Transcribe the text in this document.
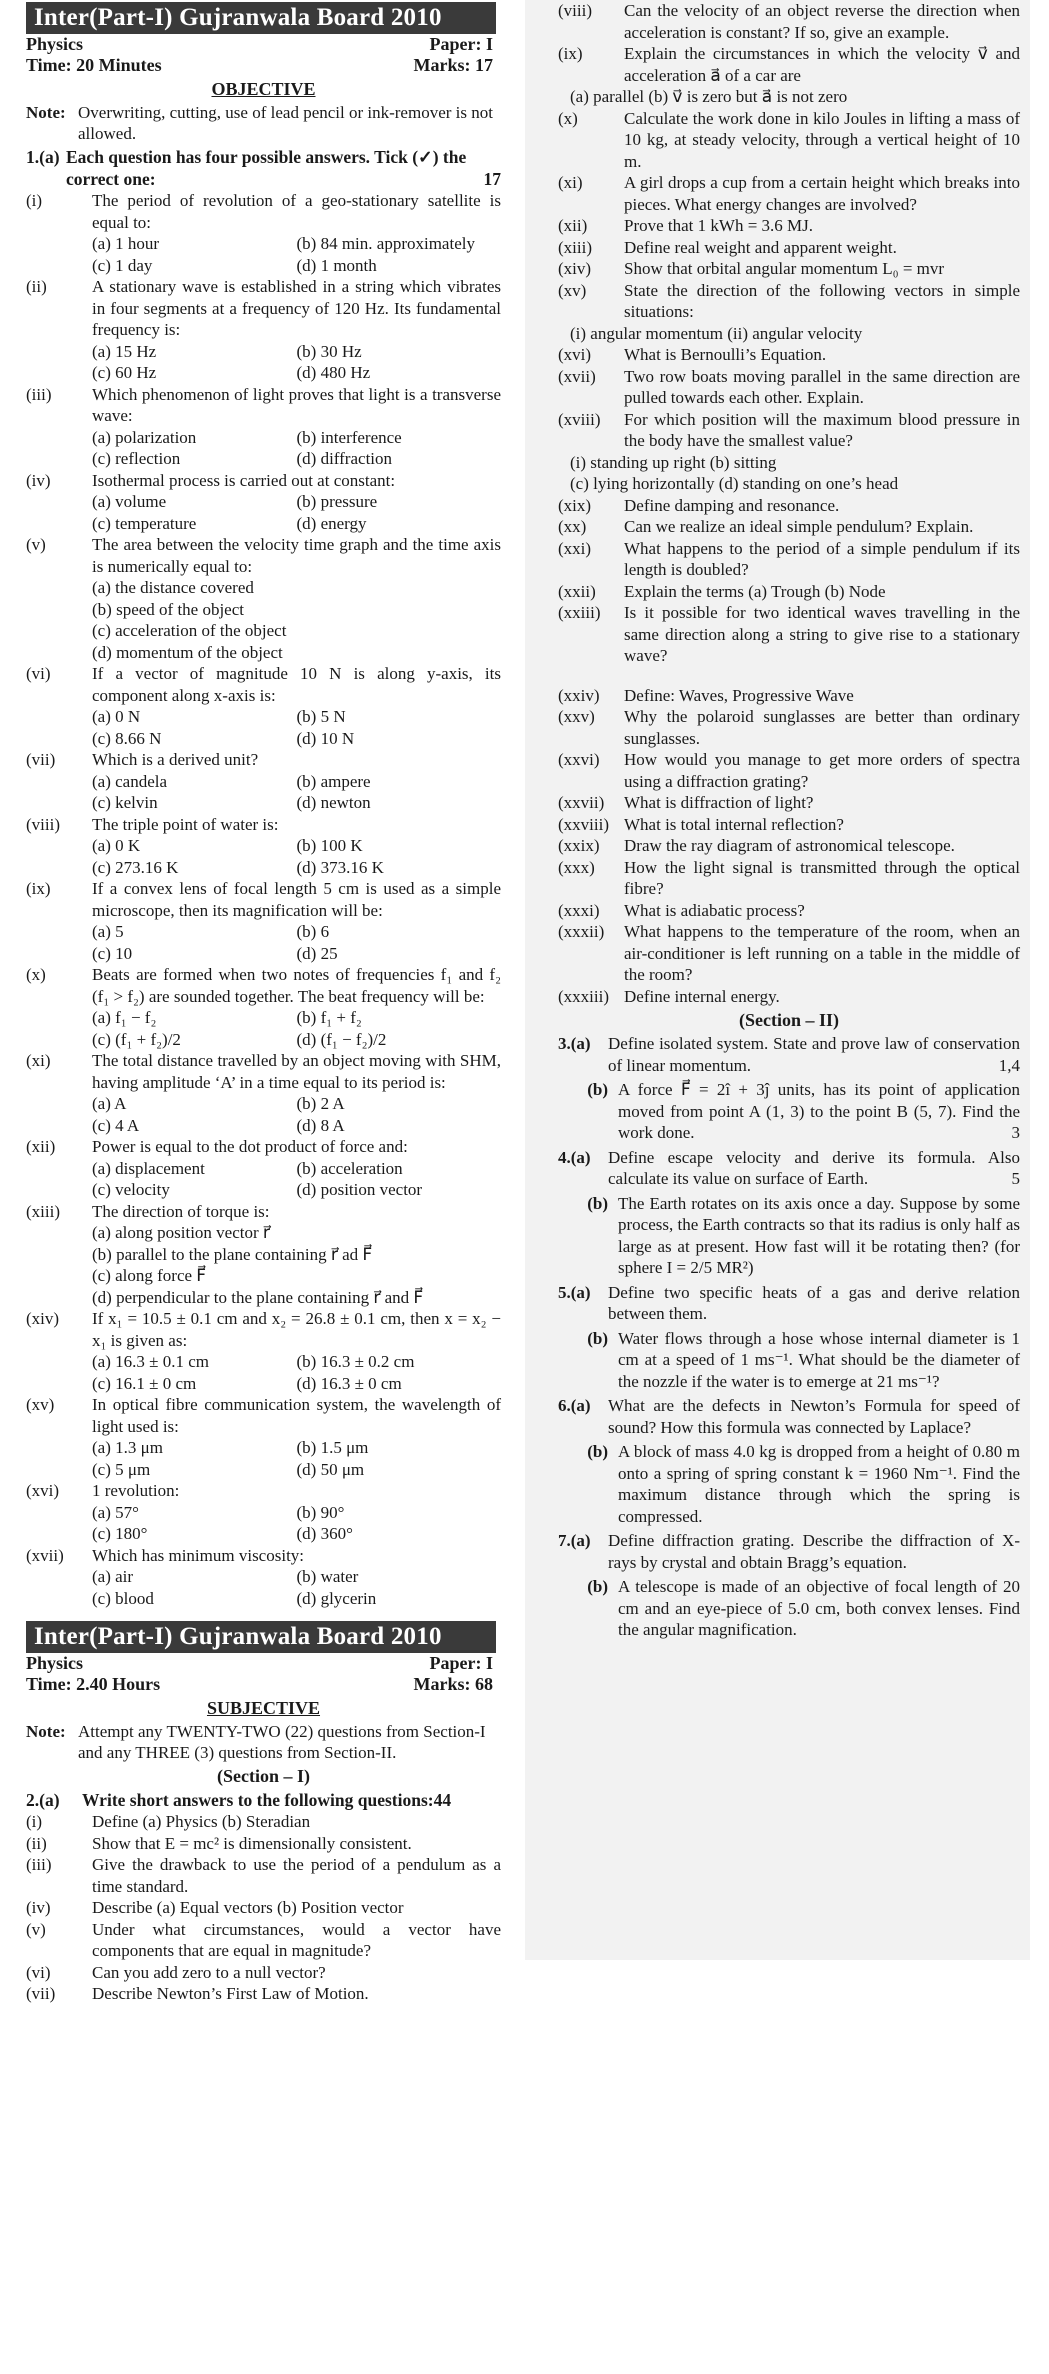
Inter(Part-I) Gujranwala Board 2010
Physics	Paper: I
Time: 20 Minutes	Marks: 17
OBJECTIVE
Note: Overwriting, cutting, use of lead pencil or ink-remover is not allowed.
1.(a) Each question has four possible answers. Tick (✓) the correct one:	17
(i)	The period of revolution of a geo-stationary satellite is equal to:
(a) 1 hour	(b) 84 min. approximately
(c) 1 day	(d) 1 month
(ii)	A stationary wave is established in a string which vibrates in four segments at a frequency of 120 Hz. Its fundamental frequency is:
(a) 15 Hz	(b) 30 Hz
(c) 60 Hz	(d) 480 Hz
(iii)	Which phenomenon of light proves that light is a transverse wave:
(a) polarization	(b) interference
(c) reflection	(d) diffraction
(iv)	Isothermal process is carried out at constant:
(a) volume	(b) pressure
(c) temperature	(d) energy
(v)	The area between the velocity time graph and the time axis is numerically equal to:
(a) the distance covered
(b) speed of the object
(c) acceleration of the object
(d) momentum of the object
(vi)	If a vector of magnitude 10 N is along y-axis, its component along x-axis is:
(a) 0 N	(b) 5 N
(c) 8.66 N	(d) 10 N
(vii)	Which is a derived unit?
(a) candela	(b) ampere
(c) kelvin	(d) newton
(viii)	The triple point of water is:
(a) 0 K	(b) 100 K
(c) 273.16 K	(d) 373.16 K
(ix)	If a convex lens of focal length 5 cm is used as a simple microscope, then its magnification will be:
(a) 5	(b) 6
(c) 10	(d) 25
(x)	Beats are formed when two notes of frequencies f₁ and f₂ (f₁ > f₂) are sounded together. The beat frequency will be:
(a) f₁ − f₂	(b) f₁ + f₂
(c) (f₁ + f₂)/2	(d) (f₁ − f₂)/2
(xi)	The total distance travelled by an object moving with SHM, having amplitude ‘A’ in a time equal to its period is:
(a) A	(b) 2 A
(c) 4 A	(d) 8 A
(xii)	Power is equal to the dot product of force and:
(a) displacement	(b) acceleration
(c) velocity	(d) position vector
(xiii)	The direction of torque is:
(a) along position vector r⃗
(b) parallel to the plane containing r⃗ ad F⃗
(c) along force F⃗
(d) perpendicular to the plane containing r⃗ and F⃗
(xiv)	If x₁ = 10.5 ± 0.1 cm and x₂ = 26.8 ± 0.1 cm, then x = x₂ − x₁ is given as:
(a) 16.3 ± 0.1 cm	(b) 16.3 ± 0.2 cm
(c) 16.1 ± 0 cm	(d) 16.3 ± 0 cm
(xv)	In optical fibre communication system, the wavelength of light used is:
(a) 1.3 μm	(b) 1.5 μm
(c) 5 μm	(d) 50 μm
(xvi)	1 revolution:
(a) 57°	(b) 90°
(c) 180°	(d) 360°
(xvii)	Which has minimum viscosity:
(a) air	(b) water
(c) blood	(d) glycerin
Inter(Part-I) Gujranwala Board 2010
Physics	Paper: I
Time: 2.40 Hours	Marks: 68
SUBJECTIVE
Note: Attempt any TWENTY-TWO (22) questions from Section-I and any THREE (3) questions from Section-II.
(Section – I)
2.(a)	Write short answers to the following questions:44
(i)	Define (a) Physics (b) Steradian
(ii)	Show that E = mc² is dimensionally consistent.
(iii)	Give the drawback to use the period of a pendulum as a time standard.
(iv)	Describe (a) Equal vectors (b) Position vector
(v)	Under what circumstances, would a vector have components that are equal in magnitude?
(vi)	Can you add zero to a null vector?
(vii)	Describe Newton’s First Law of Motion.
(viii)	Can the velocity of an object reverse the direction when acceleration is constant? If so, give an example.
(ix)	Explain the circumstances in which the velocity v⃗ and acceleration a⃗ of a car are
(a) parallel (b) v⃗ is zero but a⃗ is not zero
(x)	Calculate the work done in kilo Joules in lifting a mass of 10 kg, at steady velocity, through a vertical height of 10 m.
(xi)	A girl drops a cup from a certain height which breaks into pieces. What energy changes are involved?
(xii)	Prove that 1 kWh = 3.6 MJ.
(xiii)	Define real weight and apparent weight.
(xiv)	Show that orbital angular momentum L₀ = mvr
(xv)	State the direction of the following vectors in simple situations:
(i) angular momentum (ii) angular velocity
(xvi)	What is Bernoulli’s Equation.
(xvii)	Two row boats moving parallel in the same direction are pulled towards each other. Explain.
(xviii)	For which position will the maximum blood pressure in the body have the smallest value?
(i) standing up right (b) sitting
(c) lying horizontally (d) standing on one’s head
(xix)	Define damping and resonance.
(xx)	Can we realize an ideal simple pendulum? Explain.
(xxi)	What happens to the period of a simple pendulum if its length is doubled?
(xxii)	Explain the terms (a) Trough (b) Node
(xxiii)	Is it possible for two identical waves travelling in the same direction along a string to give rise to a stationary wave?
(xxiv)	Define: Waves, Progressive Wave
(xxv)	Why the polaroid sunglasses are better than ordinary sunglasses.
(xxvi)	How would you manage to get more orders of spectra using a diffraction grating?
(xxvii)	What is diffraction of light?
(xxviii) What is total internal reflection?
(xxix)	Draw the ray diagram of astronomical telescope.
(xxx)	How the light signal is transmitted through the optical fibre?
(xxxi)	What is adiabatic process?
(xxxii)	What happens to the temperature of the room, when an air-conditioner is left running on a table in the middle of the room?
(xxxiii) Define internal energy.
(Section – II)
3.(a)	Define isolated system. State and prove law of conservation of linear momentum.	1,4
(b) A force F⃗ = 2î + 3ĵ units, has its point of application moved from point A (1, 3) to the point B (5, 7). Find the work done.	3
4.(a)	Define escape velocity and derive its formula. Also calculate its value on surface of Earth.	5
(b) The Earth rotates on its axis once a day. Suppose by some process, the Earth contracts so that its radius is only half as large as at present. How fast will it be rotating then? (for sphere I = 2/5 MR²)
5.(a)	Define two specific heats of a gas and derive relation between them.
(b) Water flows through a hose whose internal diameter is 1 cm at a speed of 1 ms⁻¹. What should be the diameter of the nozzle if the water is to emerge at 21 ms⁻¹?
6.(a)	What are the defects in Newton’s Formula for speed of sound? How this formula was connected by Laplace?
(b) A block of mass 4.0 kg is dropped from a height of 0.80 m onto a spring of spring constant k = 1960 Nm⁻¹. Find the maximum distance through which the spring is compressed.
7.(a)	Define diffraction grating. Describe the diffraction of X-rays by crystal and obtain Bragg’s equation.
(b) A telescope is made of an objective of focal length of 20 cm and an eye-piece of 5.0 cm, both convex lenses. Find the angular magnification.
